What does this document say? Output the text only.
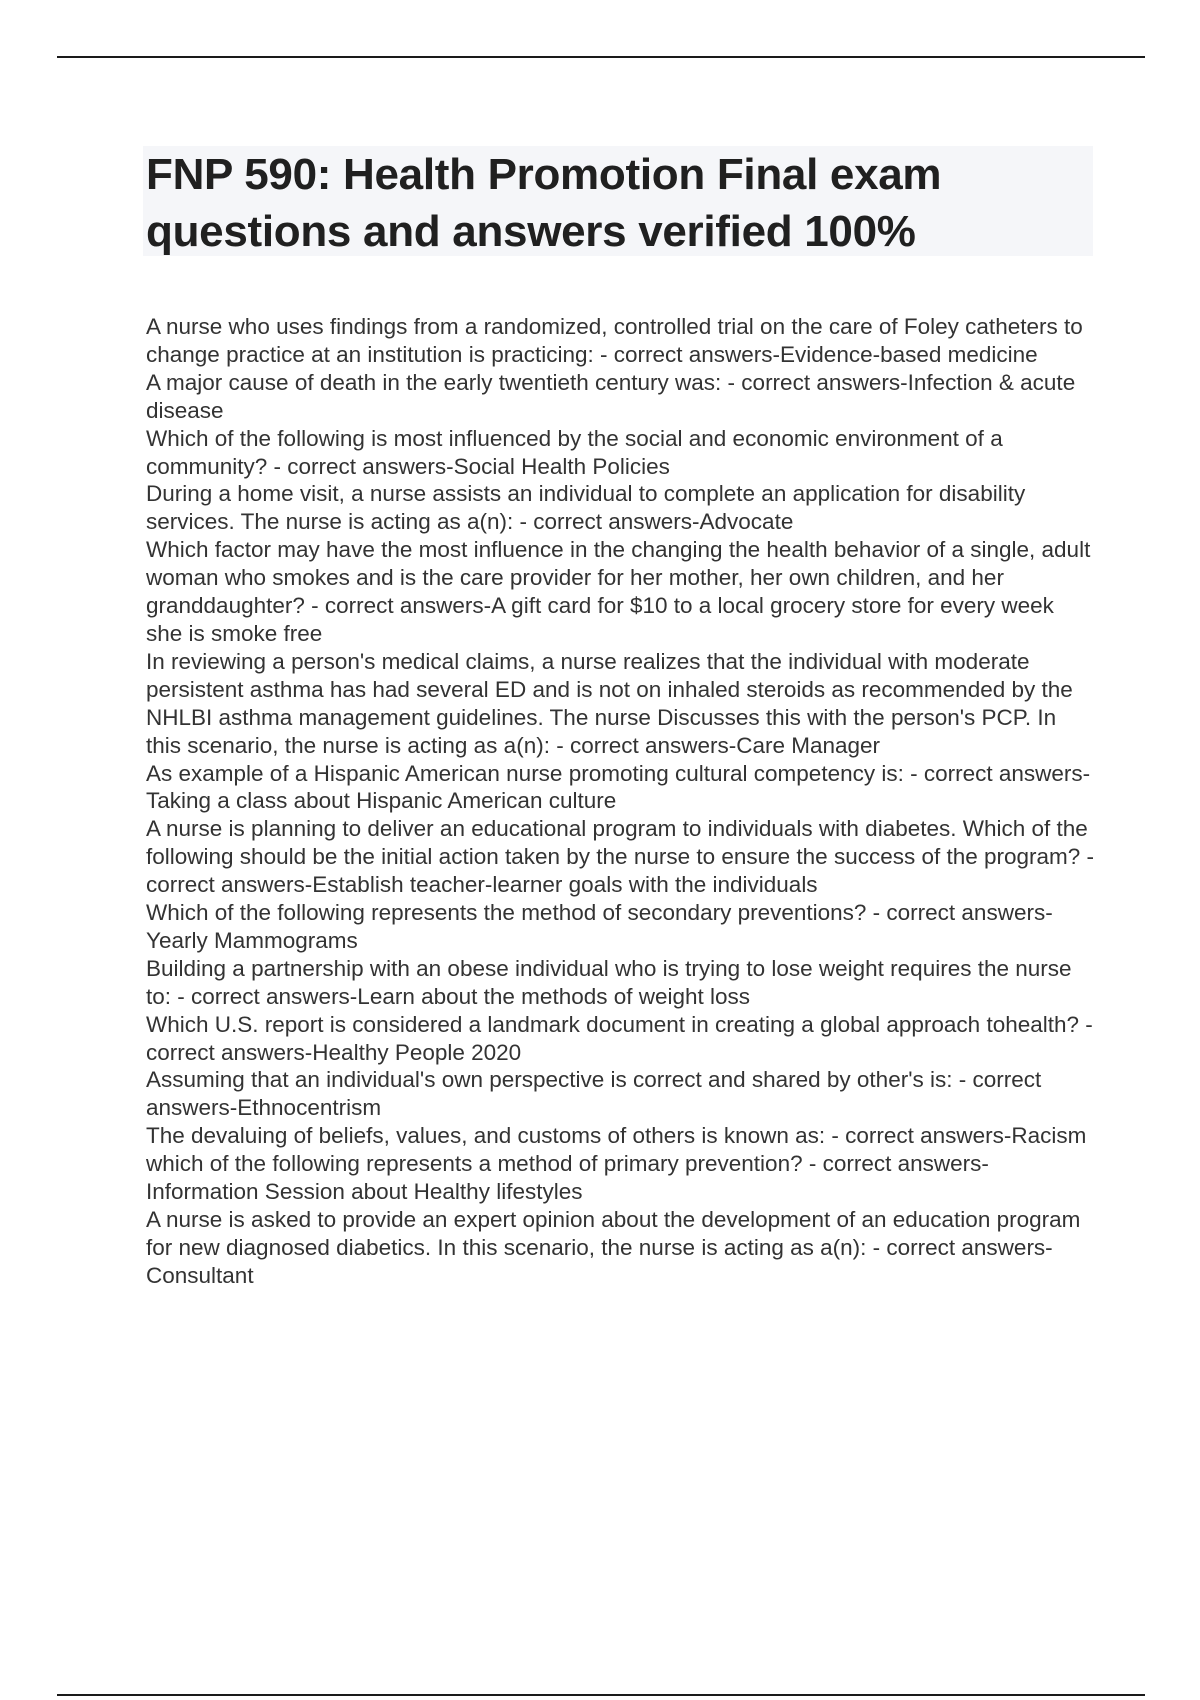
FNP 590: Health Promotion Final exam questions and answers verified 100%
A nurse who uses findings from a randomized, controlled trial on the care of Foley catheters to change practice at an institution is practicing: - correct answers-Evidence-based medicine
A major cause of death in the early twentieth century was: - correct answers-Infection & acute disease
Which of the following is most influenced by the social and economic environment of a community? - correct answers-Social Health Policies
During a home visit, a nurse assists an individual to complete an application for disability services. The nurse is acting as a(n): - correct answers-Advocate
Which factor may have the most influence in the changing the health behavior of a single, adult woman who smokes and is the care provider for her mother, her own children, and her granddaughter? - correct answers-A gift card for $10 to a local grocery store for every week she is smoke free
In reviewing a person's medical claims, a nurse realizes that the individual with moderate persistent asthma has had several ED and is not on inhaled steroids as recommended by the NHLBI asthma management guidelines. The nurse Discusses this with the person's PCP. In this scenario, the nurse is acting as a(n): - correct answers-Care Manager
As example of a Hispanic American nurse promoting cultural competency is: - correct answers-Taking a class about Hispanic American culture
A nurse is planning to deliver an educational program to individuals with diabetes. Which of the following should be the initial action taken by the nurse to ensure the success of the program? - correct answers-Establish teacher-learner goals with the individuals
Which of the following represents the method of secondary preventions? - correct answers-Yearly Mammograms
Building a partnership with an obese individual who is trying to lose weight requires the nurse to: - correct answers-Learn about the methods of weight loss
Which U.S. report is considered a landmark document in creating a global approach tohealth? - correct answers-Healthy People 2020
Assuming that an individual's own perspective is correct and shared by other's is: - correct answers-Ethnocentrism
The devaluing of beliefs, values, and customs of others is known as: - correct answers-Racism
which of the following represents a method of primary prevention? - correct answers-Information Session about Healthy lifestyles
A nurse is asked to provide an expert opinion about the development of an education program for new diagnosed diabetics. In this scenario, the nurse is acting as a(n): - correct answers-Consultant
